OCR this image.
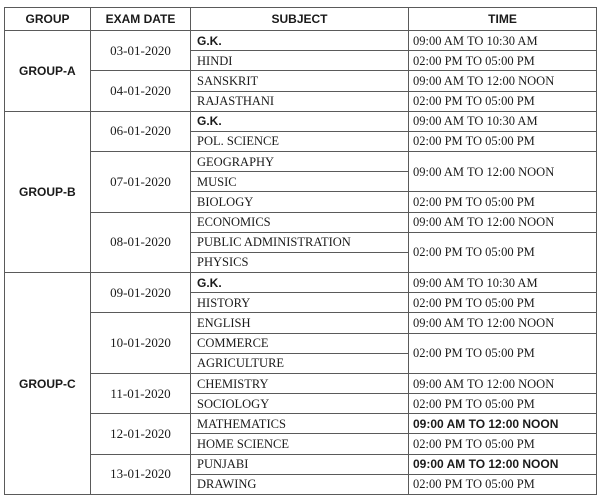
GROUP	EXAM DATE	SUBJECT	TIME
GROUP-A	03-01-2020	G.K.	09:00 AM TO 10:30 AM
		HINDI	02:00 PM TO 05:00 PM
	04-01-2020	SANSKRIT	09:00 AM TO 12:00 NOON
		RAJASTHANI	02:00 PM TO 05:00 PM
GROUP-B	06-01-2020	G.K.	09:00 AM TO 10:30 AM
		POL. SCIENCE	02:00 PM TO 05:00 PM
	07-01-2020	GEOGRAPHY	09:00 AM TO 12:00 NOON
		MUSIC	
		BIOLOGY	02:00 PM TO 05:00 PM
	08-01-2020	ECONOMICS	09:00 AM TO 12:00 NOON
		PUBLIC ADMINISTRATION	02:00 PM TO 05:00 PM
		PHYSICS	
GROUP-C	09-01-2020	G.K.	09:00 AM TO 10:30 AM
		HISTORY	02:00 PM TO 05:00 PM
	10-01-2020	ENGLISH	09:00 AM TO 12:00 NOON
		COMMERCE	02:00 PM TO 05:00 PM
		AGRICULTURE	
	11-01-2020	CHEMISTRY	09:00 AM TO 12:00 NOON
		SOCIOLOGY	02:00 PM TO 05:00 PM
	12-01-2020	MATHEMATICS	09:00 AM TO 12:00 NOON
		HOME SCIENCE	02:00 PM TO 05:00 PM
	13-01-2020	PUNJABI	09:00 AM TO 12:00 NOON
		DRAWING	02:00 PM TO 05:00 PM
